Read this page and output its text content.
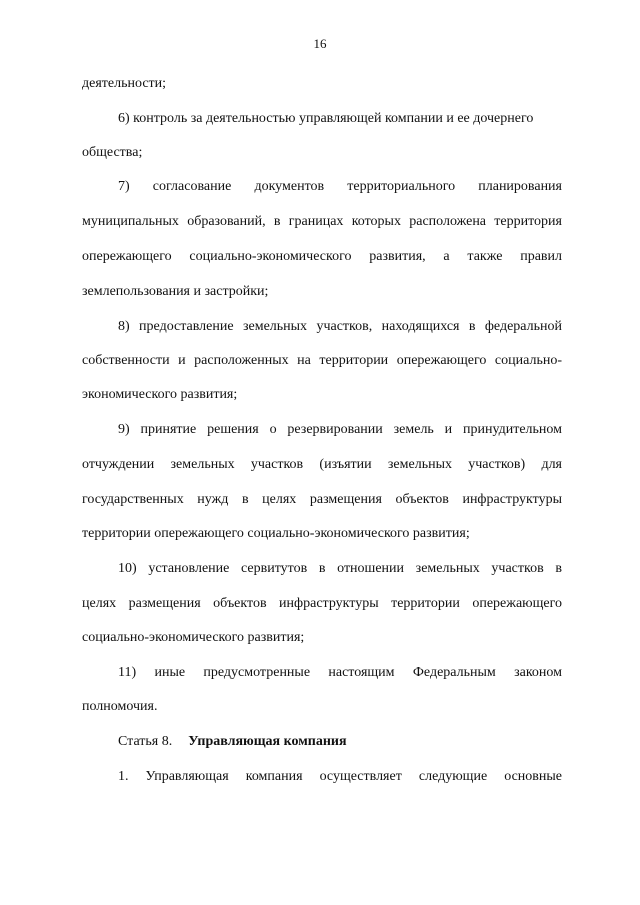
16
деятельности;
6) контроль за деятельностью управляющей компании и ее дочернего
общества;
7) согласование документов территориального планирования
муниципальных образований, в границах которых расположена территория
опережающего социально-экономического развития, а также правил
землепользования и застройки;
8) предоставление земельных участков, находящихся в федеральной
собственности и расположенных на территории опережающего социально-
экономического развития;
9) принятие решения о резервировании земель и принудительном
отчуждении земельных участков (изъятии земельных участков) для
государственных нужд в целях размещения объектов инфраструктуры
территории опережающего социально-экономического развития;
10) установление сервитутов в отношении земельных участков в
целях размещения объектов инфраструктуры территории опережающего
социально-экономического развития;
11) иные предусмотренные настоящим Федеральным законом
полномочия.
Статья 8. Управляющая компания
1. Управляющая компания осуществляет следующие основные
